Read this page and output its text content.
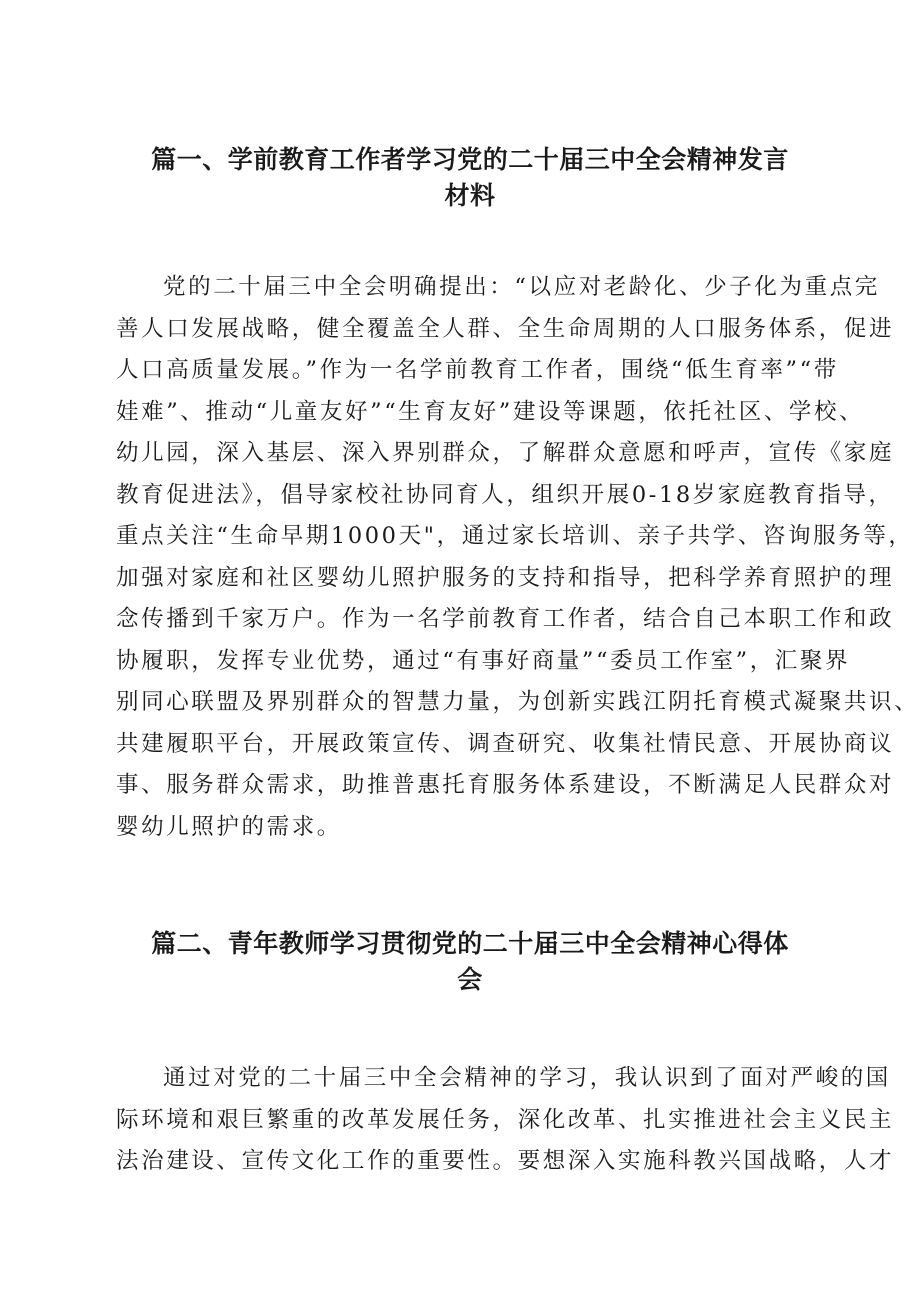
篇一、学前教育工作者学习党的二十届三中全会精神发言
材料
党的二十届三中全会明确提出：“以应对老龄化、少子化为重点完
善人口发展战略，健全覆盖全人群、全生命周期的人口服务体系，促进
人口高质量发展。”作为一名学前教育工作者，围绕“低生育率”“带
娃难”、推动“儿童友好”“生育友好”建设等课题，依托社区、学校、
幼儿园，深入基层、深入界别群众，了解群众意愿和呼声，宣传《家庭
教育促进法》，倡导家校社协同育人，组织开展0-18岁家庭教育指导，
重点关注“生命早期1000天"，通过家长培训、亲子共学、咨询服务等，
加强对家庭和社区婴幼儿照护服务的支持和指导，把科学养育照护的理
念传播到千家万户。作为一名学前教育工作者，结合自己本职工作和政
协履职，发挥专业优势，通过“有事好商量”“委员工作室”，汇聚界
别同心联盟及界别群众的智慧力量，为创新实践江阴托育模式凝聚共识、
共建履职平台，开展政策宣传、调查研究、收集社情民意、开展协商议
事、服务群众需求，助推普惠托育服务体系建设，不断满足人民群众对
婴幼儿照护的需求。
篇二、青年教师学习贯彻党的二十届三中全会精神心得体
会
通过对党的二十届三中全会精神的学习，我认识到了面对严峻的国
际环境和艰巨繁重的改革发展任务，深化改革、扎实推进社会主义民主
法治建设、宣传文化工作的重要性。要想深入实施科教兴国战略，人才
